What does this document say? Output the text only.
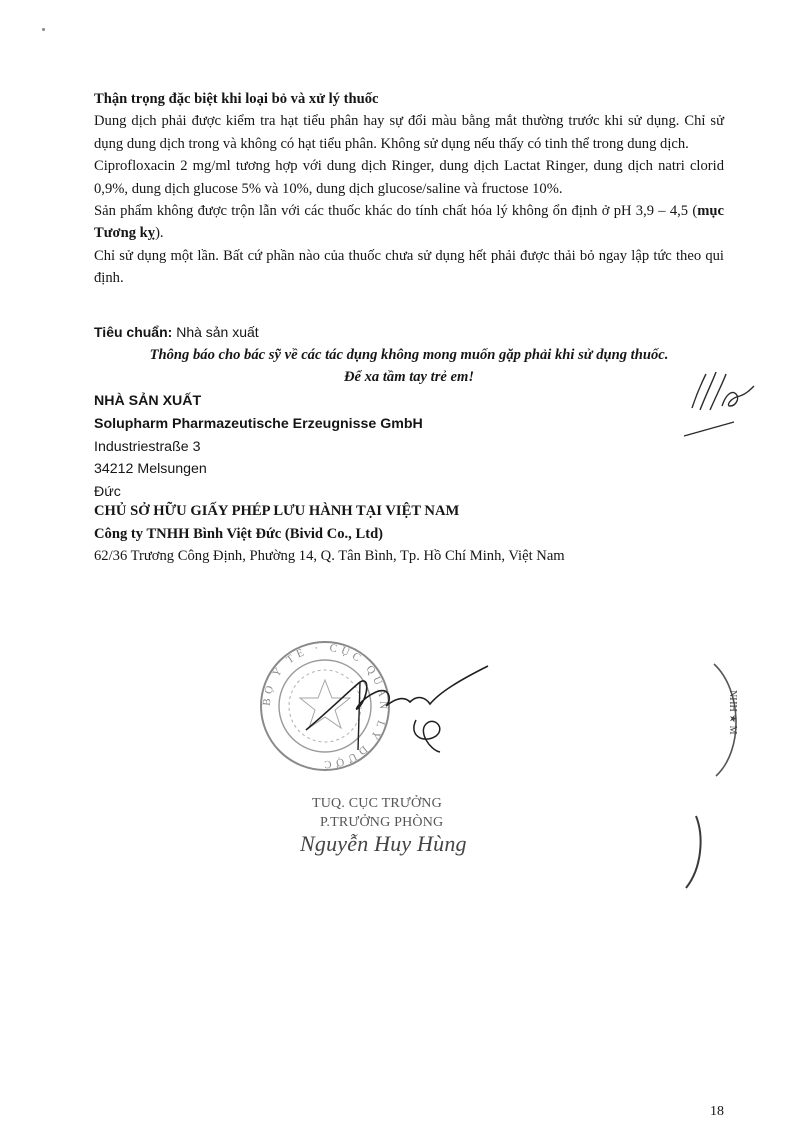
Thận trọng đặc biệt khi loại bỏ và xử lý thuốc

Dung dịch phải được kiểm tra hạt tiểu phân hay sự đổi màu bằng mắt thường trước khi sử dụng. Chỉ sử dụng dung dịch trong và không có hạt tiểu phân. Không sử dụng nếu thấy có tinh thể trong dung dịch.

Ciprofloxacin 2 mg/ml tương hợp với dung dịch Ringer, dung dịch Lactat Ringer, dung dịch natri clorid 0,9%, dung dịch glucose 5% và 10%, dung dịch glucose/saline và fructose 10%.

Sản phẩm không được trộn lẫn với các thuốc khác do tính chất hóa lý không ổn định ở pH 3,9 – 4,5 (mục Tương kỵ).

Chỉ sử dụng một lần. Bất cứ phần nào của thuốc chưa sử dụng hết phải được thải bỏ ngay lập tức theo qui định.

Tiêu chuẩn: Nhà sản xuất

Thông báo cho bác sỹ về các tác dụng không mong muốn gặp phải khi sử dụng thuốc.

Để xa tầm tay trẻ em!

NHÀ SẢN XUẤT

Solupharm Pharmazeutische Erzeugnisse GmbH

Industriestraße 3

34212 Melsungen

Đức

CHỦ SỞ HỮU GIẤY PHÉP LƯU HÀNH TẠI VIỆT NAM

Công ty TNHH Bình Việt Đức (Bivid Co., Ltd)

62/36 Trương Công Định, Phường 14, Q. Tân Bình, Tp. Hồ Chí Minh, Việt Nam

BỘ Y TẾ · CỤC QUẢN LÝ DƯỢC
NHH ★ M

TUQ. CỤC TRƯỞNG

P.TRƯỞNG PHÒNG

Nguyễn Huy Hùng

18
